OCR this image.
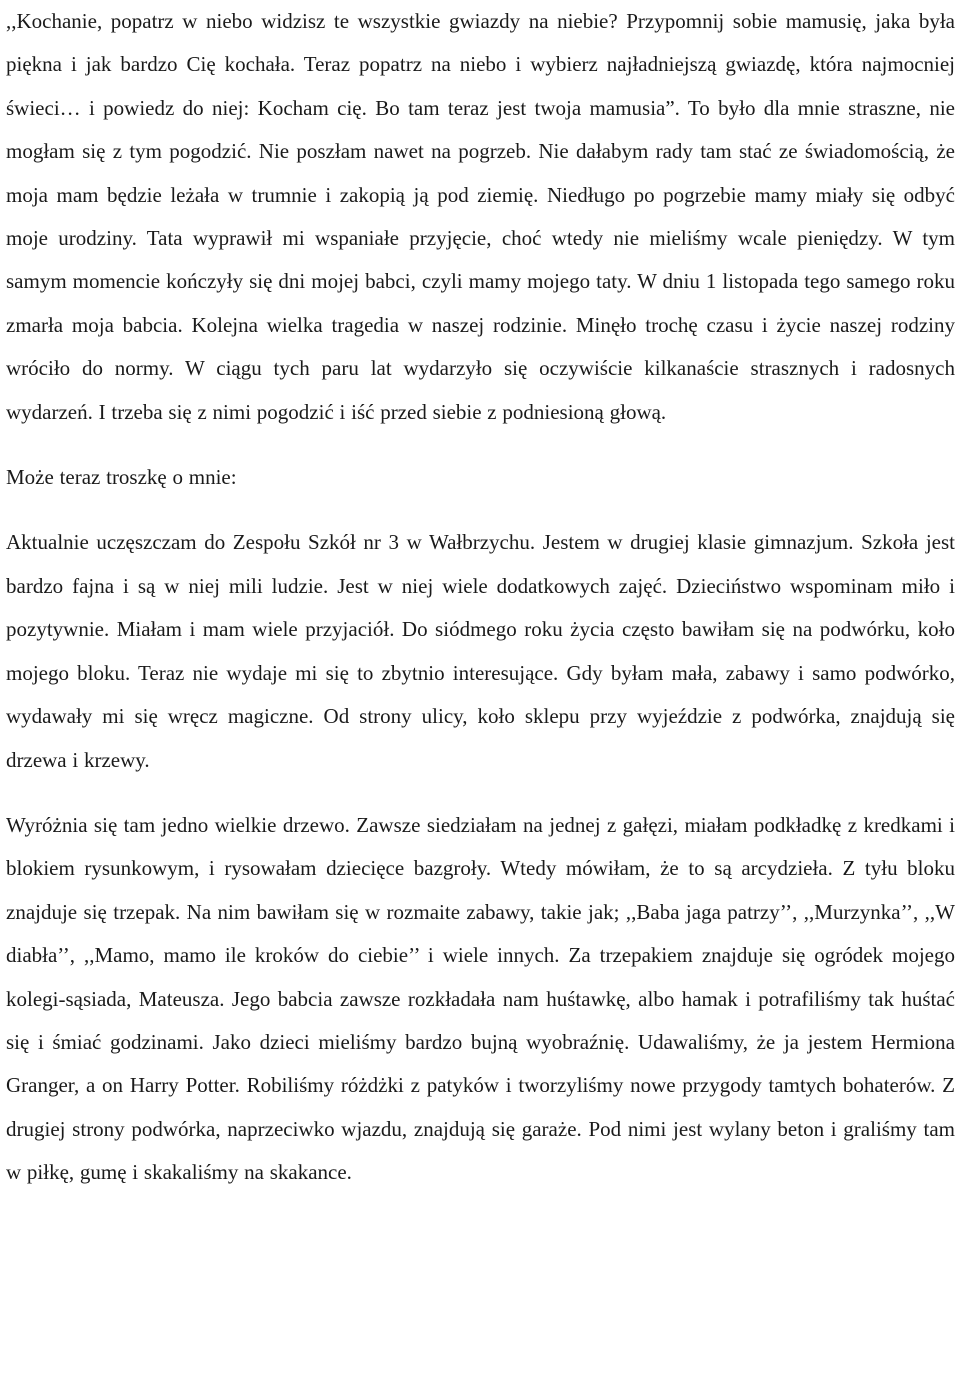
,,Kochanie, popatrz w niebo widzisz te wszystkie gwiazdy na niebie? Przypomnij sobie mamusię, jaka była piękna i jak bardzo Cię kochała. Teraz popatrz na niebo i wybierz najładniejszą gwiazdę, która najmocniej świeci… i powiedz do niej: Kocham cię. Bo tam teraz jest twoja mamusia”. To było dla mnie straszne, nie mogłam się z tym pogodzić. Nie poszłam nawet na pogrzeb. Nie dałabym rady tam stać ze świadomością, że moja mam będzie leżała w trumnie i zakopią ją pod ziemię. Niedługo po pogrzebie mamy miały się odbyć moje urodziny. Tata wyprawił mi wspaniałe przyjęcie, choć wtedy nie mieliśmy wcale pieniędzy. W tym samym momencie kończyły się dni mojej babci, czyli mamy mojego taty. W dniu 1 listopada tego samego roku zmarła moja babcia. Kolejna wielka tragedia w naszej rodzinie. Minęło trochę czasu i życie naszej rodziny wróciło do normy. W ciągu tych paru lat wydarzyło się oczywiście kilkanaście strasznych i radosnych wydarzeń. I trzeba się z nimi pogodzić i iść przed siebie z podniesioną głową.

Może teraz troszkę o mnie:

Aktualnie uczęszczam do Zespołu Szkół nr 3 w Wałbrzychu. Jestem w drugiej klasie gimnazjum. Szkoła jest bardzo fajna i są w niej mili ludzie. Jest w niej wiele dodatkowych zajęć. Dzieciństwo wspominam miło i pozytywnie. Miałam i mam wiele przyjaciół. Do siódmego roku życia często bawiłam się na podwórku, koło mojego bloku. Teraz nie wydaje mi się to zbytnio interesujące. Gdy byłam mała, zabawy i samo podwórko, wydawały mi się wręcz magiczne. Od strony ulicy, koło sklepu przy wyjeździe z podwórka, znajdują się drzewa i krzewy.

Wyróżnia się tam jedno wielkie drzewo. Zawsze siedziałam na jednej z gałęzi, miałam podkładkę z kredkami i blokiem rysunkowym, i rysowałam dziecięce bazgroły. Wtedy mówiłam, że to są arcydzieła. Z tyłu bloku znajduje się trzepak. Na nim bawiłam się w rozmaite zabawy, takie jak; ,,Baba jaga patrzy’’, ,,Murzynka’’, ,,W diabła’’, ,,Mamo, mamo ile kroków do ciebie’’ i wiele innych. Za trzepakiem znajduje się ogródek mojego kolegi-sąsiada, Mateusza. Jego babcia zawsze rozkładała nam huśtawkę, albo hamak i potrafiliśmy tak huśtać się i śmiać godzinami. Jako dzieci mieliśmy bardzo bujną wyobraźnię. Udawaliśmy, że ja jestem Hermiona Granger, a on Harry Potter. Robiliśmy różdżki z patyków i tworzyliśmy nowe przygody tamtych bohaterów. Z drugiej strony podwórka, naprzeciwko wjazdu, znajdują się garaże. Pod nimi jest wylany beton i graliśmy tam w piłkę, gumę i skakaliśmy na skakance.
